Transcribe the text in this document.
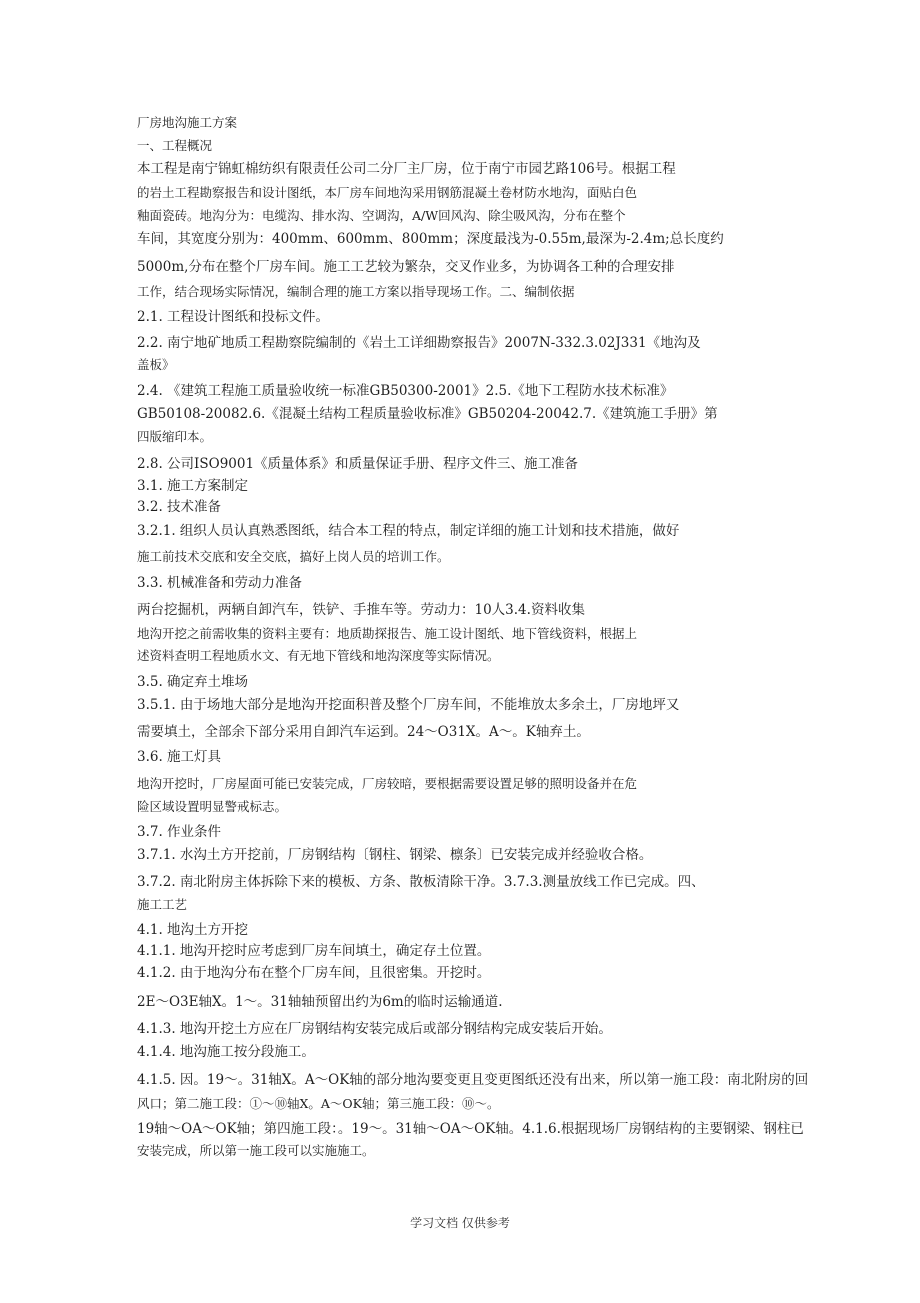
厂房地沟施工方案
一、工程概况
本工程是南宁锦虹棉纺织有限责任公司二分厂主厂房，位于南宁市园艺路106号。根据工程
的岩土工程勘察报告和设计图纸，本厂房车间地沟采用钢筋混凝土卷材防水地沟，面贴白色
釉面瓷砖。地沟分为：电缆沟、排水沟、空调沟，A/W回风沟、除尘吸风沟，分布在整个
车间，其宽度分别为：400mm、600mm、800mm；深度最浅为-0.55m,最深为-2.4m;总长度约
5000m,分布在整个厂房车间。施工工艺较为繁杂，交叉作业多，为协调各工种的合理安排
工作，结合现场实际情况，编制合理的施工方案以指导现场工作。二、编制依据
2.1. 工程设计图纸和投标文件。
2.2. 南宁地矿地质工程勘察院编制的《岩土工详细勘察报告》2007N-332.3.02J331《地沟及
盖板》
2.4. 《建筑工程施工质量验收统一标准GB50300-2001》2.5.《地下工程防水技术标准》
GB50108-20082.6.《混凝土结构工程质量验收标准》GB50204-20042.7.《建筑施工手册》第
四版缩印本。
2.8. 公司ISO9001《质量体系》和质量保证手册、程序文件三、施工准备
3.1. 施工方案制定
3.2. 技术准备
3.2.1. 组织人员认真熟悉图纸，结合本工程的特点，制定详细的施工计划和技术措施，做好
施工前技术交底和安全交底，搞好上岗人员的培训工作。
3.3. 机械准备和劳动力准备
两台挖掘机，两辆自卸汽车，铁铲、手推车等。劳动力：10人3.4.资料收集
地沟开挖之前需收集的资料主要有：地质勘探报告、施工设计图纸、地下管线资料，根据上
述资料查明工程地质水文、有无地下管线和地沟深度等实际情况。
3.5. 确定弃土堆场
3.5.1. 由于场地大部分是地沟开挖面积普及整个厂房车间，不能堆放太多余土，厂房地坪又
需要填土，全部余下部分采用自卸汽车运到。24〜O31X。A〜。K轴弃土。
3.6. 施工灯具
地沟开挖时，厂房屋面可能已安装完成，厂房较暗，要根据需要设置足够的照明设备并在危
险区域设置明显警戒标志。
3.7. 作业条件
3.7.1. 水沟土方开挖前，厂房钢结构〔钢柱、钢梁、檩条〕已安装完成并经验收合格。
3.7.2. 南北附房主体拆除下来的模板、方条、散板清除干净。3.7.3.测量放线工作已完成。四、
施工工艺
4.1. 地沟土方开挖
4.1.1. 地沟开挖时应考虑到厂房车间填土，确定存土位置。
4.1.2. 由于地沟分布在整个厂房车间，且很密集。开挖时。
2E〜O3E轴X。1〜。31轴轴预留出约为6m的临时运输通道.
4.1.3. 地沟开挖土方应在厂房钢结构安装完成后或部分钢结构完成安装后开始。
4.1.4. 地沟施工按分段施工。
4.1.5. 因。19〜。31轴X。A〜OK轴的部分地沟要变更且变更图纸还没有出来，所以第一施工段：南北附房的回
风口；第二施工段：①〜⑩轴X。A〜OK轴；第三施工段：⑩〜。
19轴〜OA〜OK轴；第四施工段：。19〜。31轴〜OA〜OK轴。4.1.6.根据现场厂房钢结构的主要钢梁、钢柱已
安装完成，所以第一施工段可以实施施工。
学习文档 仅供参考
